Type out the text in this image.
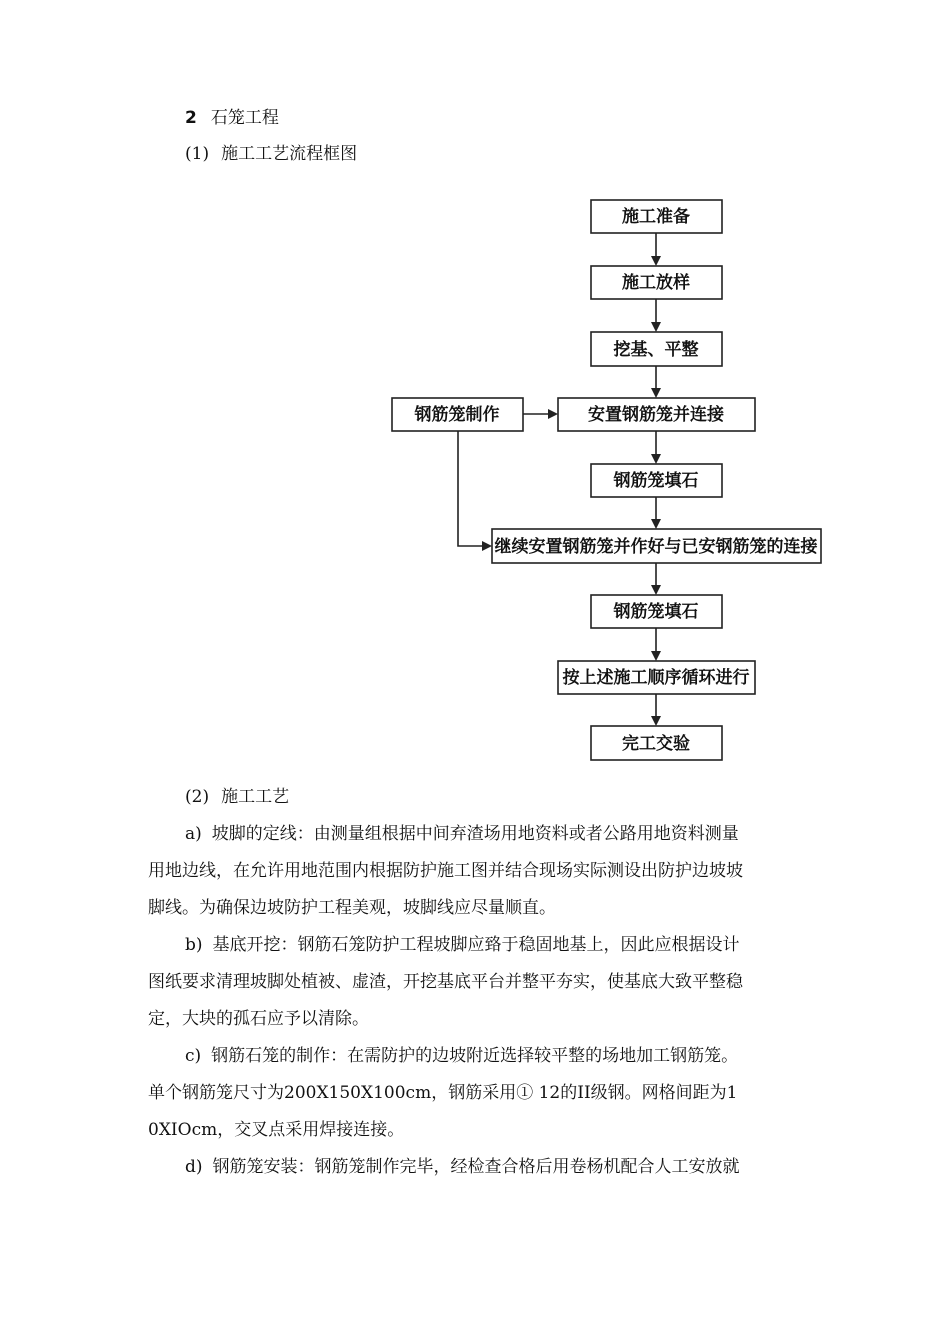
2 石笼工程
(1) 施工工艺流程框图
施工准备
施工放样
挖基、平整
安置钢筋笼并连接
钢筋笼填石
继续安置钢筋笼并作好与已安钢筋笼的连接
钢筋笼填石
按上述施工顺序循环进行
完工交验
钢筋笼制作
(2) 施工工艺
a) 坡脚的定线：由测量组根据中间弃渣场用地资料或者公路用地资料测量
用地边线，在允许用地范围内根据防护施工图并结合现场实际测设出防护边坡坡
脚线。为确保边坡防护工程美观，坡脚线应尽量顺直。
b) 基底开挖：钢筋石笼防护工程坡脚应臵于稳固地基上，因此应根据设计
图纸要求清理坡脚处植被、虚渣，开挖基底平台并整平夯实，使基底大致平整稳
定，大块的孤石应予以清除。
c) 钢筋石笼的制作：在需防护的边坡附近选择较平整的场地加工钢筋笼。
单个钢筋笼尺寸为200X150X100cm，钢筋采用① 12的II级钢。网格间距为1
0XIOcm，交叉点采用焊接连接。
d) 钢筋笼安装：钢筋笼制作完毕，经检查合格后用卷杨机配合人工安放就
